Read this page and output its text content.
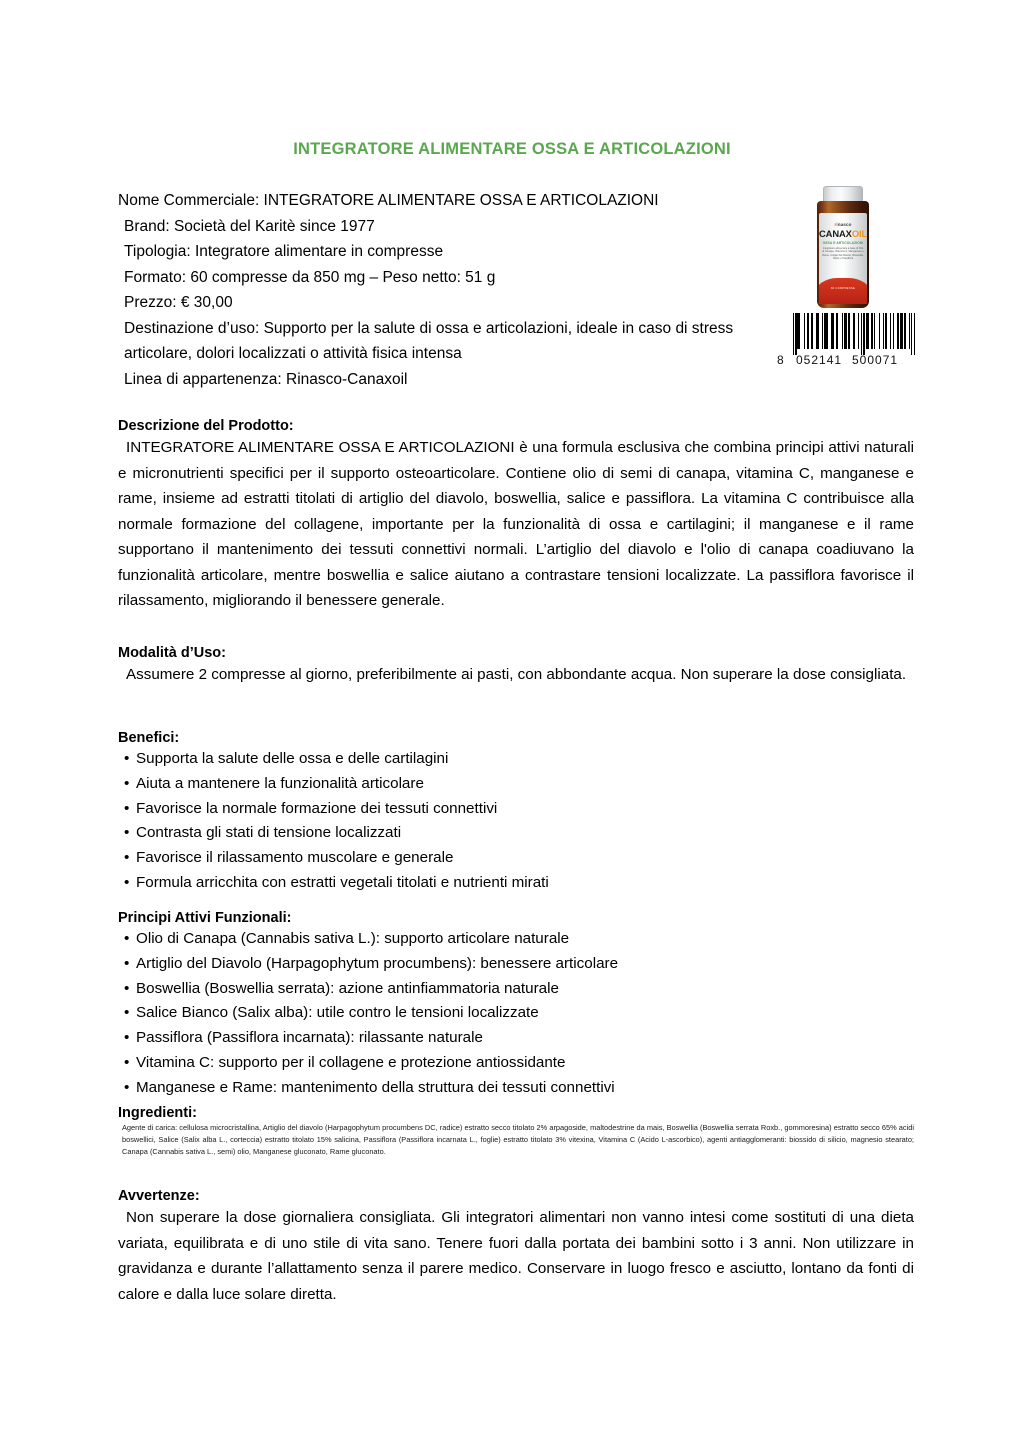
INTEGRATORE ALIMENTARE OSSA E ARTICOLAZIONI
Nome Commerciale: INTEGRATORE ALIMENTARE OSSA E ARTICOLAZIONI
Brand: Società del Karitè since 1977
Tipologia: Integratore alimentare in compresse
Formato: 60 compresse da 850 mg – Peso netto: 51 g
Prezzo: € 30,00
Destinazione d’uso: Supporto per la salute di ossa e articolazioni, ideale in caso di stress articolare, dolori localizzati o attività fisica intensa
Linea di appartenenza: Rinasco-Canaxoil
rinasco
CANAXOIL
OSSA E ARTICOLAZIONI
Integratore alimentare a base di Olio di Canapa, Vitamina C, Manganese e Rame, Artiglio del Diavolo, Boswellia, Salice e Passiflora
60 COMPRESSE
8 052141 500071
Descrizione del Prodotto:
INTEGRATORE ALIMENTARE OSSA E ARTICOLAZIONI è una formula esclusiva che combina principi attivi naturali e micronutrienti specifici per il supporto osteoarticolare. Contiene olio di semi di canapa, vitamina C, manganese e rame, insieme ad estratti titolati di artiglio del diavolo, boswellia, salice e passiflora. La vitamina C contribuisce alla normale formazione del collagene, importante per la funzionalità di ossa e cartilagini; il manganese e il rame supportano il mantenimento dei tessuti connettivi normali. L’artiglio del diavolo e l'olio di canapa coadiuvano la funzionalità articolare, mentre boswellia e salice aiutano a contrastare tensioni localizzate. La passiflora favorisce il rilassamento, migliorando il benessere generale.
Modalità d’Uso:
Assumere 2 compresse al giorno, preferibilmente ai pasti, con abbondante acqua. Non superare la dose consigliata.
Benefici:
• Supporta la salute delle ossa e delle cartilagini
• Aiuta a mantenere la funzionalità articolare
• Favorisce la normale formazione dei tessuti connettivi
• Contrasta gli stati di tensione localizzati
• Favorisce il rilassamento muscolare e generale
• Formula arricchita con estratti vegetali titolati e nutrienti mirati
Principi Attivi Funzionali:
• Olio di Canapa (Cannabis sativa L.): supporto articolare naturale
• Artiglio del Diavolo (Harpagophytum procumbens): benessere articolare
• Boswellia (Boswellia serrata): azione antinfiammatoria naturale
• Salice Bianco (Salix alba): utile contro le tensioni localizzate
• Passiflora (Passiflora incarnata): rilassante naturale
• Vitamina C: supporto per il collagene e protezione antiossidante
• Manganese e Rame: mantenimento della struttura dei tessuti connettivi
Ingredienti:
Agente di carica: cellulosa microcristallina, Artiglio del diavolo (Harpagophytum procumbens DC, radice) estratto secco titolato 2% arpagoside, maltodestrine da mais, Boswellia (Boswellia serrata Roxb., gommoresina) estratto secco 65% acidi boswellici, Salice (Salix alba L., corteccia) estratto titolato 15% salicina, Passiflora (Passiflora incarnata L., foglie) estratto titolato 3% vitexina, Vitamina C (Acido L-ascorbico), agenti antiagglomeranti: biossido di silicio, magnesio stearato; Canapa (Cannabis sativa L., semi) olio, Manganese gluconato, Rame gluconato.
Avvertenze:
Non superare la dose giornaliera consigliata. Gli integratori alimentari non vanno intesi come sostituti di una dieta variata, equilibrata e di uno stile di vita sano. Tenere fuori dalla portata dei bambini sotto i 3 anni. Non utilizzare in gravidanza e durante l’allattamento senza il parere medico. Conservare in luogo fresco e asciutto, lontano da fonti di calore e dalla luce solare diretta.
